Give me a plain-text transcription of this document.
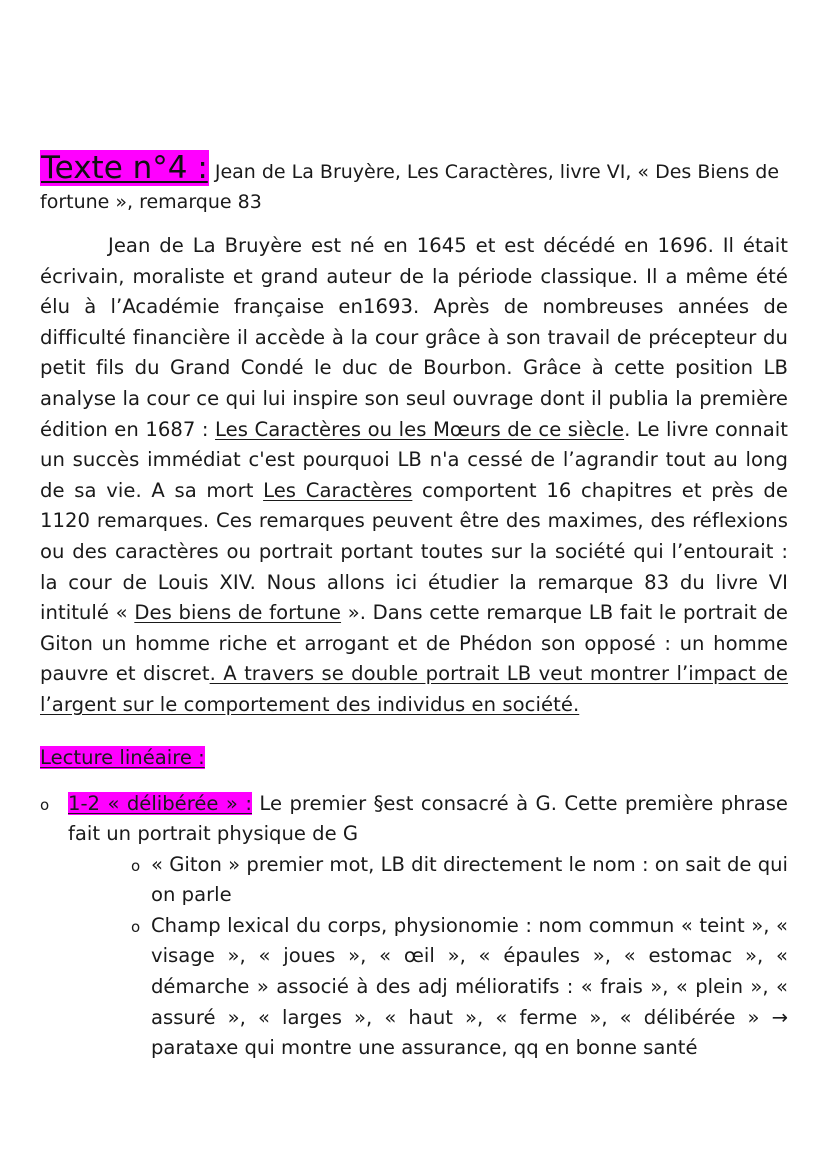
Texte n°4 : Jean de La Bruyère, Les Caractères, livre VI, « Des Biens de fortune », remarque 83

Jean de La Bruyère est né en 1645 et est décédé en 1696. Il était écrivain, moraliste et grand auteur de la période classique. Il a même été élu à l’Académie française en1693. Après de nombreuses années de difficulté financière il accède à la cour grâce à son travail de précepteur du petit fils du Grand Condé le duc de Bourbon. Grâce à cette position LB analyse la cour ce qui lui inspire son seul ouvrage dont il publia la première édition en 1687 : Les Caractères ou les Mœurs de ce siècle. Le livre connait un succès immédiat c'est pourquoi LB n'a cessé de l’agrandir tout au long de sa vie. A sa mort Les Caractères comportent 16 chapitres et près de 1120 remarques. Ces remarques peuvent être des maximes, des réflexions ou des caractères ou portrait portant toutes sur la société qui l’entourait : la cour de Louis XIV. Nous allons ici étudier la remarque 83 du livre VI intitulé « Des biens de fortune ». Dans cette remarque LB fait le portrait de Giton un homme riche et arrogant et de Phédon son opposé : un homme pauvre et discret. A travers se double portrait LB veut montrer l’impact de l’argent sur le comportement des individus en société.

Lecture linéaire :

o 1-2 « délibérée » : Le premier §est consacré à G. Cette première phrase fait un portrait physique de G
o « Giton » premier mot, LB dit directement le nom : on sait de qui on parle
o Champ lexical du corps, physionomie : nom commun « teint », « visage », « joues », « œil », « épaules », « estomac », « démarche » associé à des adj mélioratifs : « frais », « plein », « assuré », « larges », « haut », « ferme », « délibérée » → parataxe qui montre une assurance, qq en bonne santé
